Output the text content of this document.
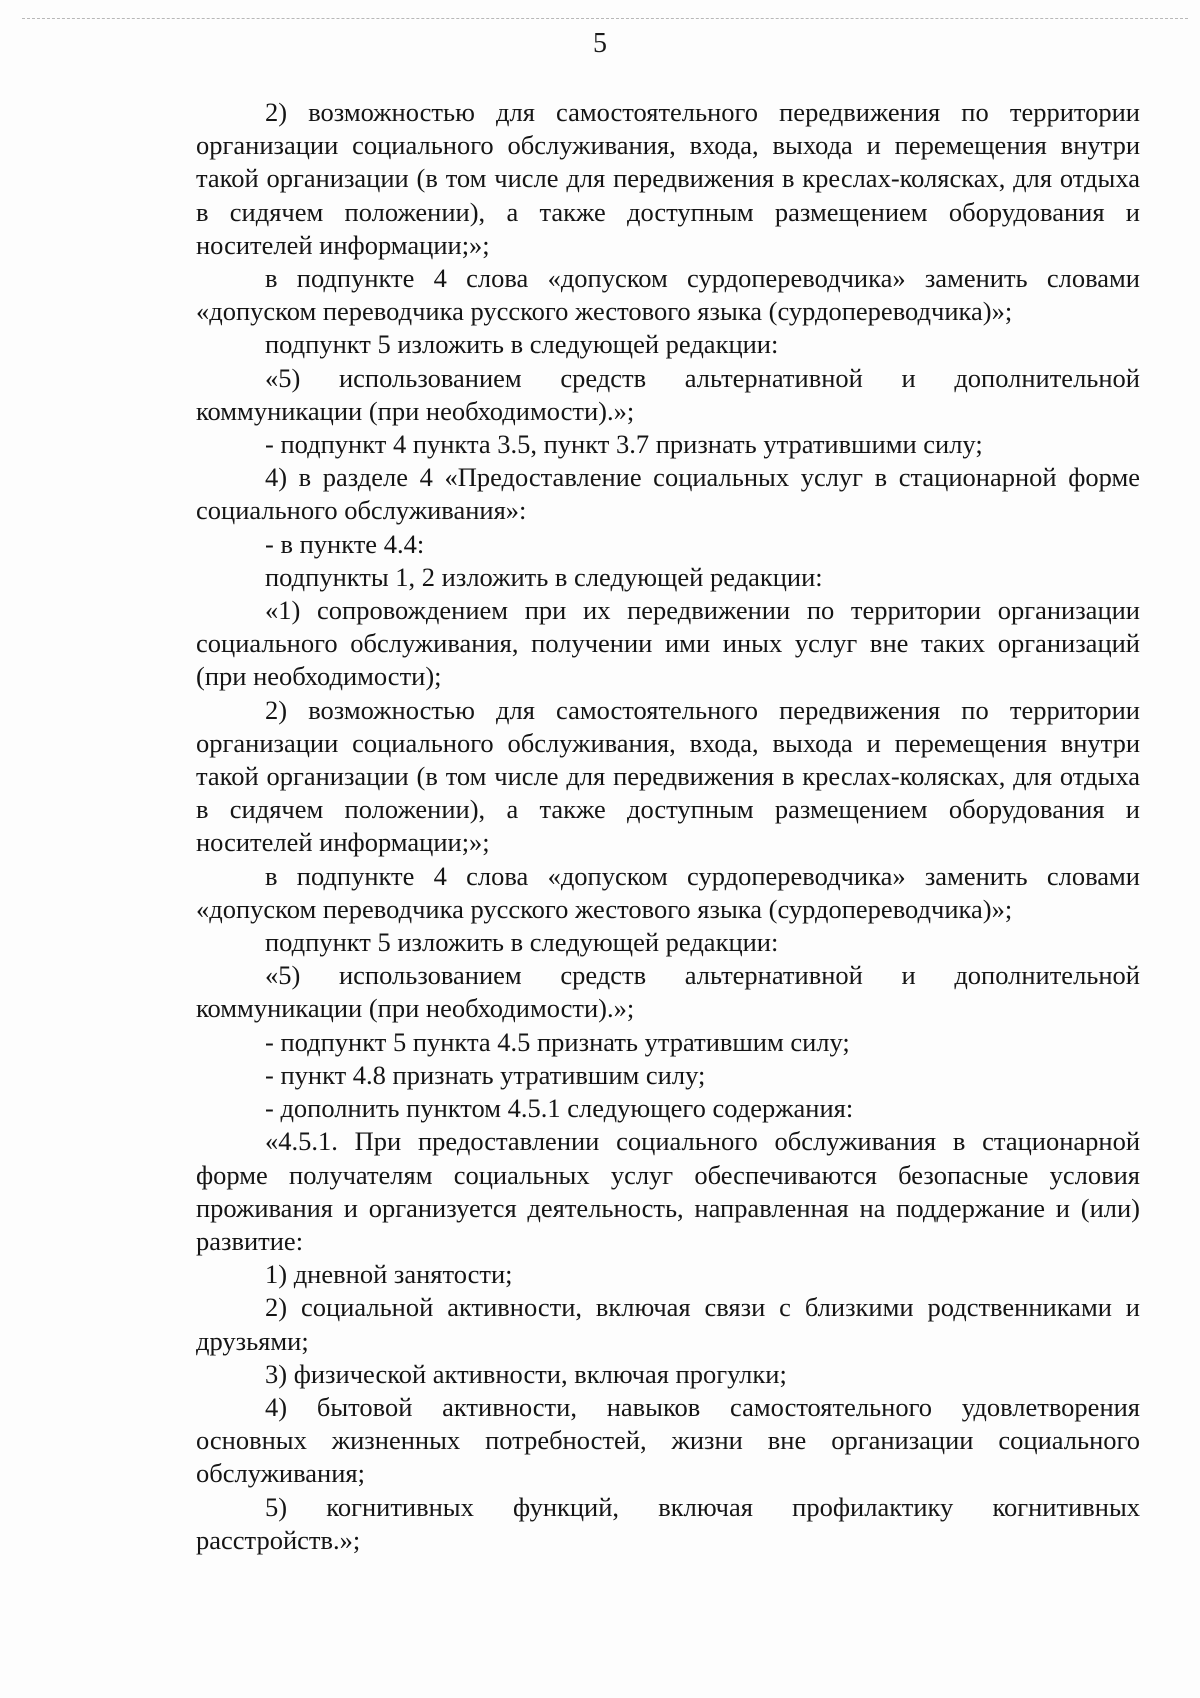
5

2) возможностью для самостоятельного передвижения по территории организации социального обслуживания, входа, выхода и перемещения внутри такой организации (в том числе для передвижения в креслах-колясках, для отдыха в сидячем положении), а также доступным размещением оборудования и носителей информации;»;

в подпункте 4 слова «допуском сурдопереводчика» заменить словами «допуском переводчика русского жестового языка (сурдопереводчика)»;

подпункт 5 изложить в следующей редакции:

«5) использованием средств альтернативной и дополнительной коммуникации (при необходимости).»;

- подпункт 4 пункта 3.5, пункт 3.7 признать утратившими силу;

4) в разделе 4 «Предоставление социальных услуг в стационарной форме социального обслуживания»:

- в пункте 4.4:

подпункты 1, 2 изложить в следующей редакции:

«1) сопровождением при их передвижении по территории организации социального обслуживания, получении ими иных услуг вне таких организаций (при необходимости);

2) возможностью для самостоятельного передвижения по территории организации социального обслуживания, входа, выхода и перемещения внутри такой организации (в том числе для передвижения в креслах-колясках, для отдыха в сидячем положении), а также доступным размещением оборудования и носителей информации;»;

в подпункте 4 слова «допуском сурдопереводчика» заменить словами «допуском переводчика русского жестового языка (сурдопереводчика)»;

подпункт 5 изложить в следующей редакции:

«5) использованием средств альтернативной и дополнительной коммуникации (при необходимости).»;

- подпункт 5 пункта 4.5 признать утратившим силу;

- пункт 4.8 признать утратившим силу;

- дополнить пунктом 4.5.1 следующего содержания:

«4.5.1. При предоставлении социального обслуживания в стационарной форме получателям социальных услуг обеспечиваются безопасные условия проживания и организуется деятельность, направленная на поддержание и (или) развитие:

1) дневной занятости;

2) социальной активности, включая связи с близкими родственниками и друзьями;

3) физической активности, включая прогулки;

4) бытовой активности, навыков самостоятельного удовлетворения основных жизненных потребностей, жизни вне организации социального обслуживания;

5) когнитивных функций, включая профилактику когнитивных расстройств.»;
